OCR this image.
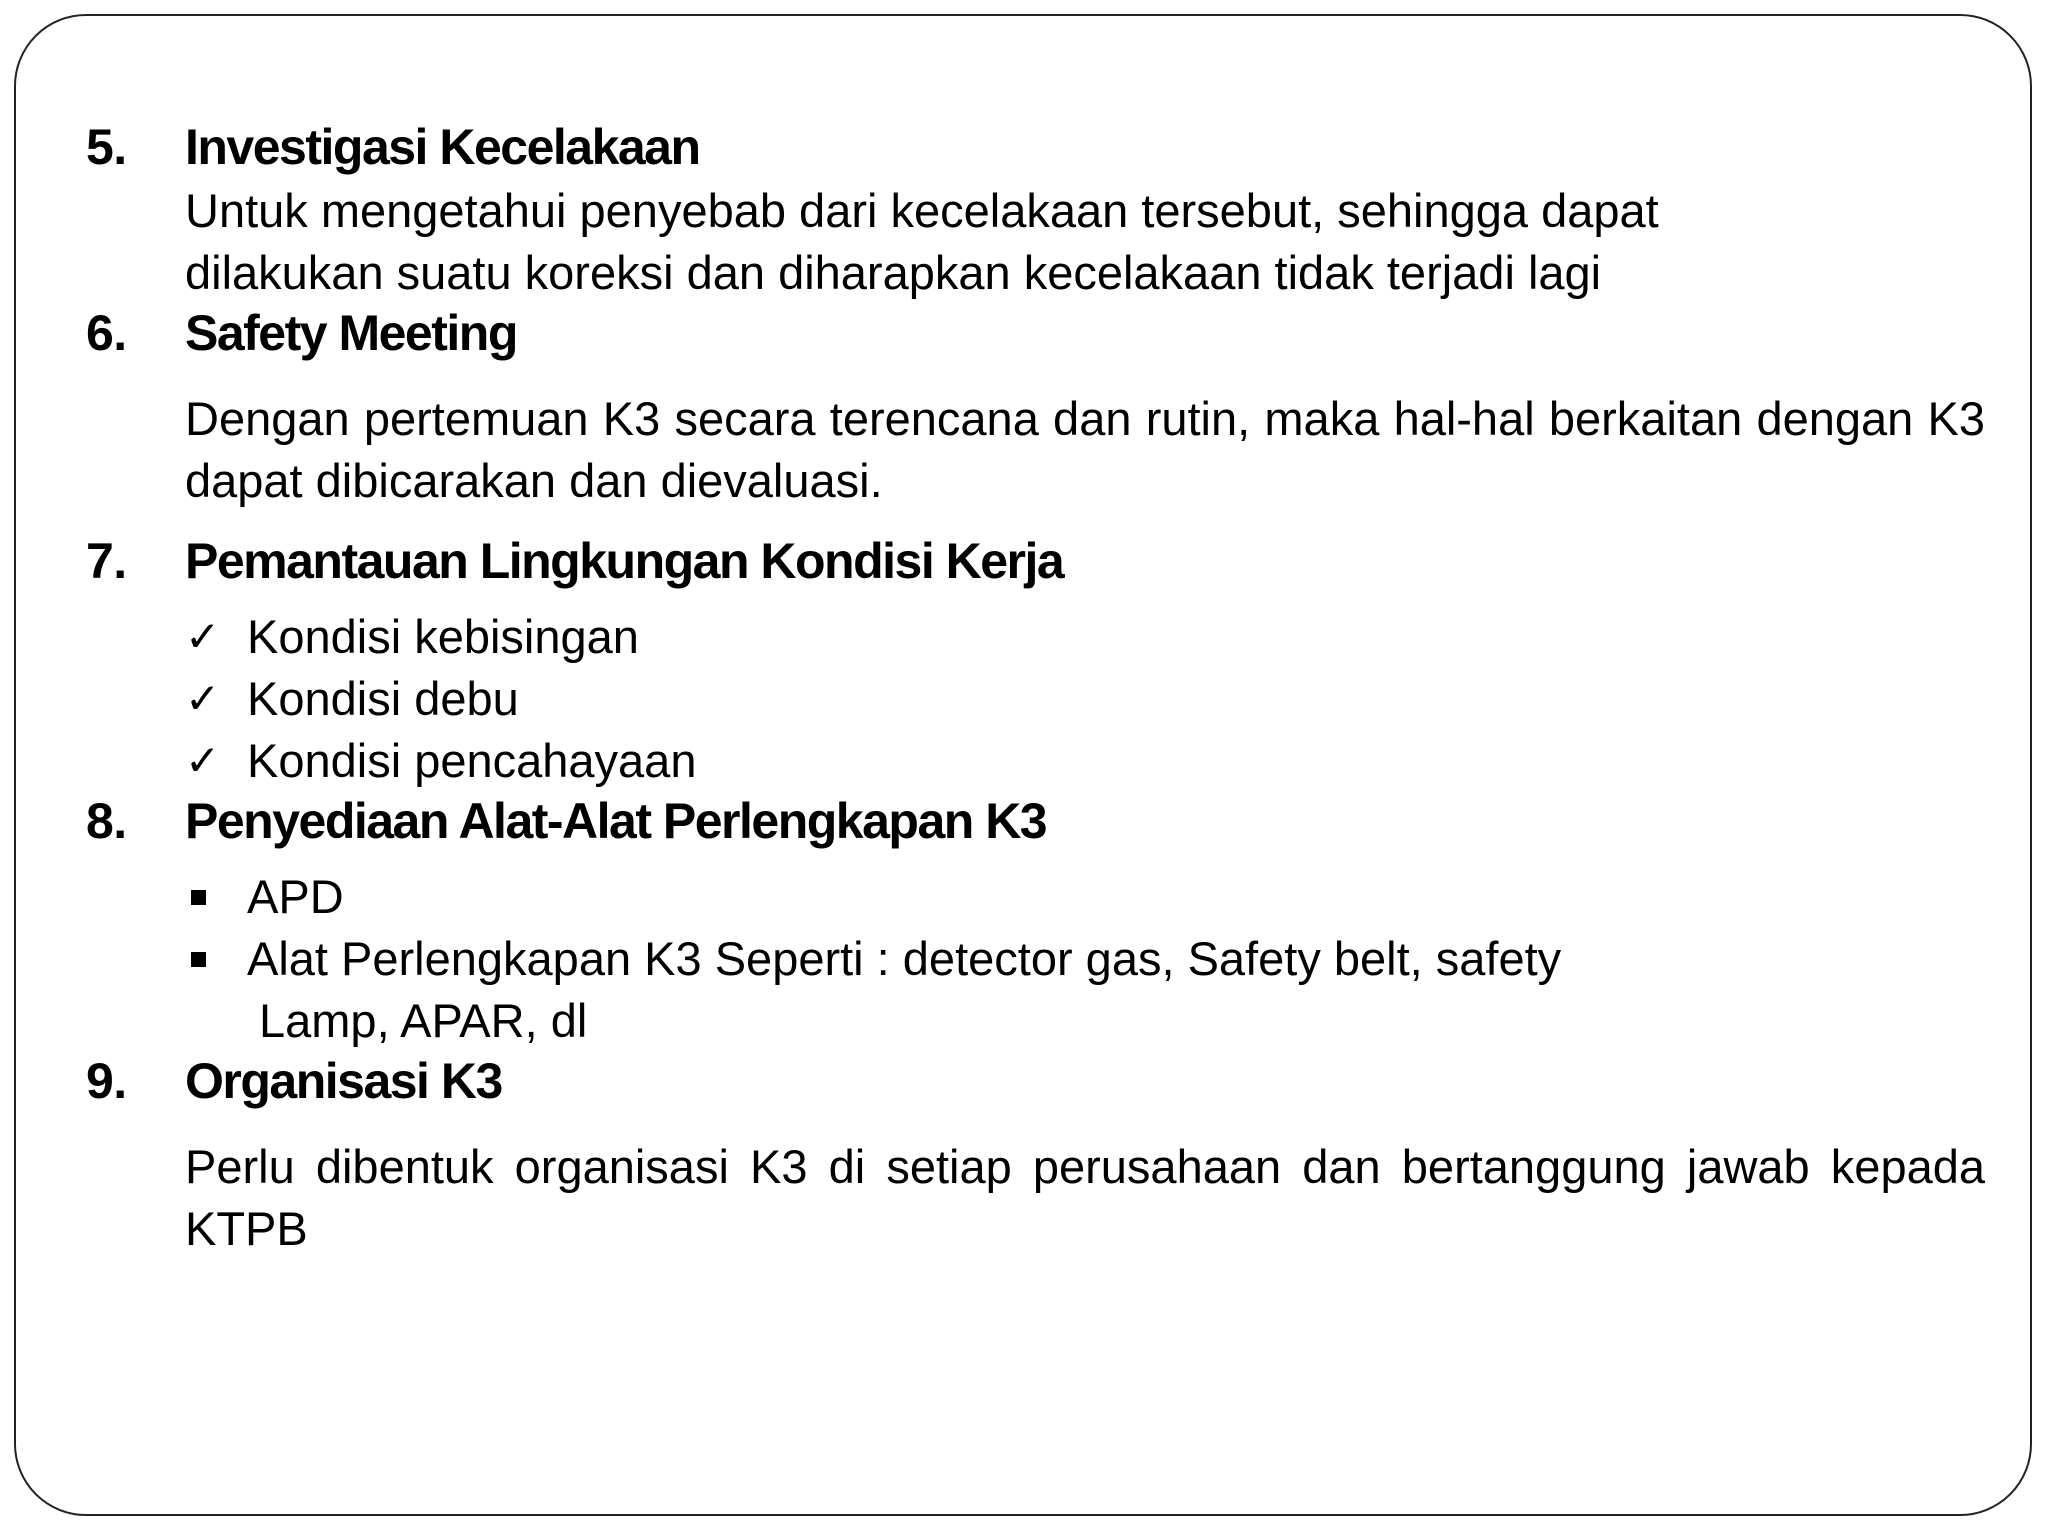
5. Investigasi Kecelakaan
Untuk mengetahui penyebab dari kecelakaan tersebut, sehingga dapat
dilakukan suatu koreksi dan diharapkan kecelakaan tidak terjadi lagi
6. Safety Meeting

Dengan pertemuan K3 secara terencana dan rutin, maka hal-hal berkaitan dengan K3 dapat dibicarakan dan dievaluasi.

7. Pemantauan Lingkungan Kondisi Kerja
✓ Kondisi kebisingan
✓ Kondisi debu
✓ Kondisi pencahayaan
8. Penyediaan Alat-Alat Perlengkapan K3
APD
Alat Perlengkapan K3 Seperti : detector gas, Safety belt, safety
Lamp, APAR, dl
9. Organisasi K3

Perlu dibentuk organisasi K3 di setiap perusahaan dan bertanggung jawab kepada KTPB
